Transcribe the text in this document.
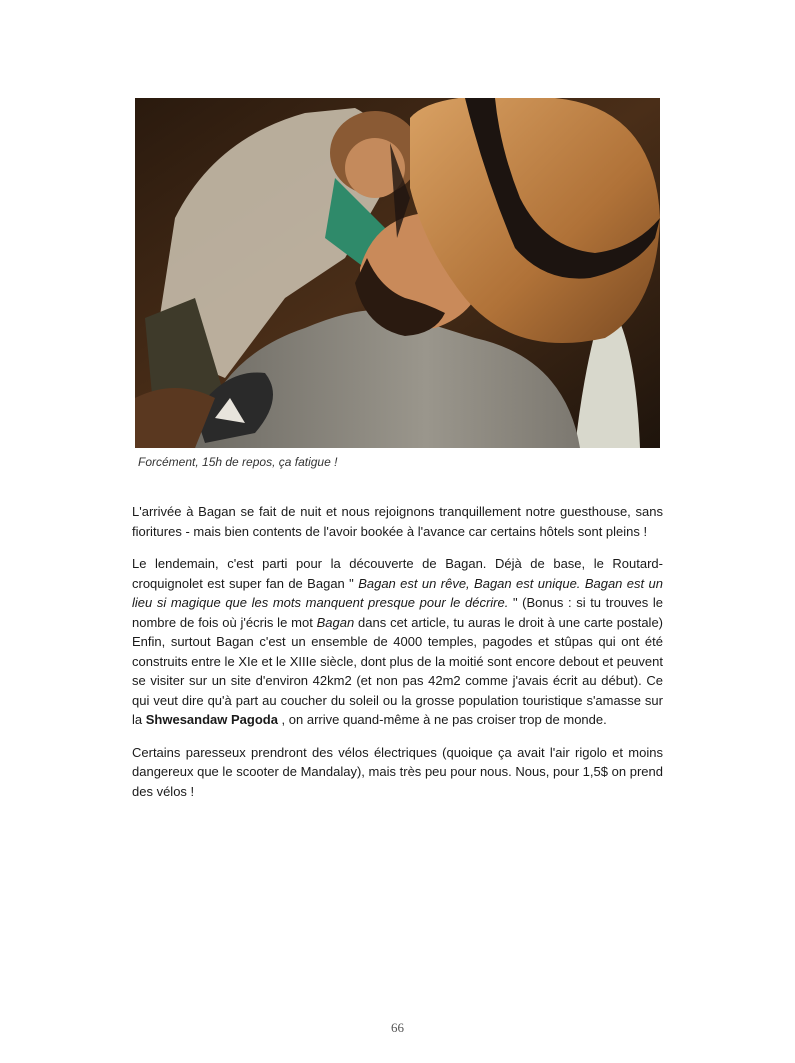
Forcément, 15h de repos, ça fatigue !

L'arrivée à Bagan se fait de nuit et nous rejoignons tranquillement notre guesthouse, sans fioritures - mais bien contents de l'avoir bookée à l'avance car certains hôtels sont pleins !

Le lendemain, c'est parti pour la découverte de Bagan. Déjà de base, le Routard-croquignolet est super fan de Bagan " Bagan est un rêve, Bagan est unique. Bagan est un lieu si magique que les mots manquent presque pour le décrire. " (Bonus : si tu trouves le nombre de fois où j'écris le mot Bagan dans cet article, tu auras le droit à une carte postale) Enfin, surtout Bagan c'est un ensemble de 4000 temples, pagodes et stûpas qui ont été construits entre le XIe et le XIIIe siècle, dont plus de la moitié sont encore debout et peuvent se visiter sur un site d'environ 42km2 (et non pas 42m2 comme j'avais écrit au début). Ce qui veut dire qu'à part au coucher du soleil ou la grosse population touristique s'amasse sur la Shwesandaw Pagoda , on arrive quand-même à ne pas croiser trop de monde.

Certains paresseux prendront des vélos électriques (quoique ça avait l'air rigolo et moins dangereux que le scooter de Mandalay), mais très peu pour nous. Nous, pour 1,5$ on prend des vélos !

66
